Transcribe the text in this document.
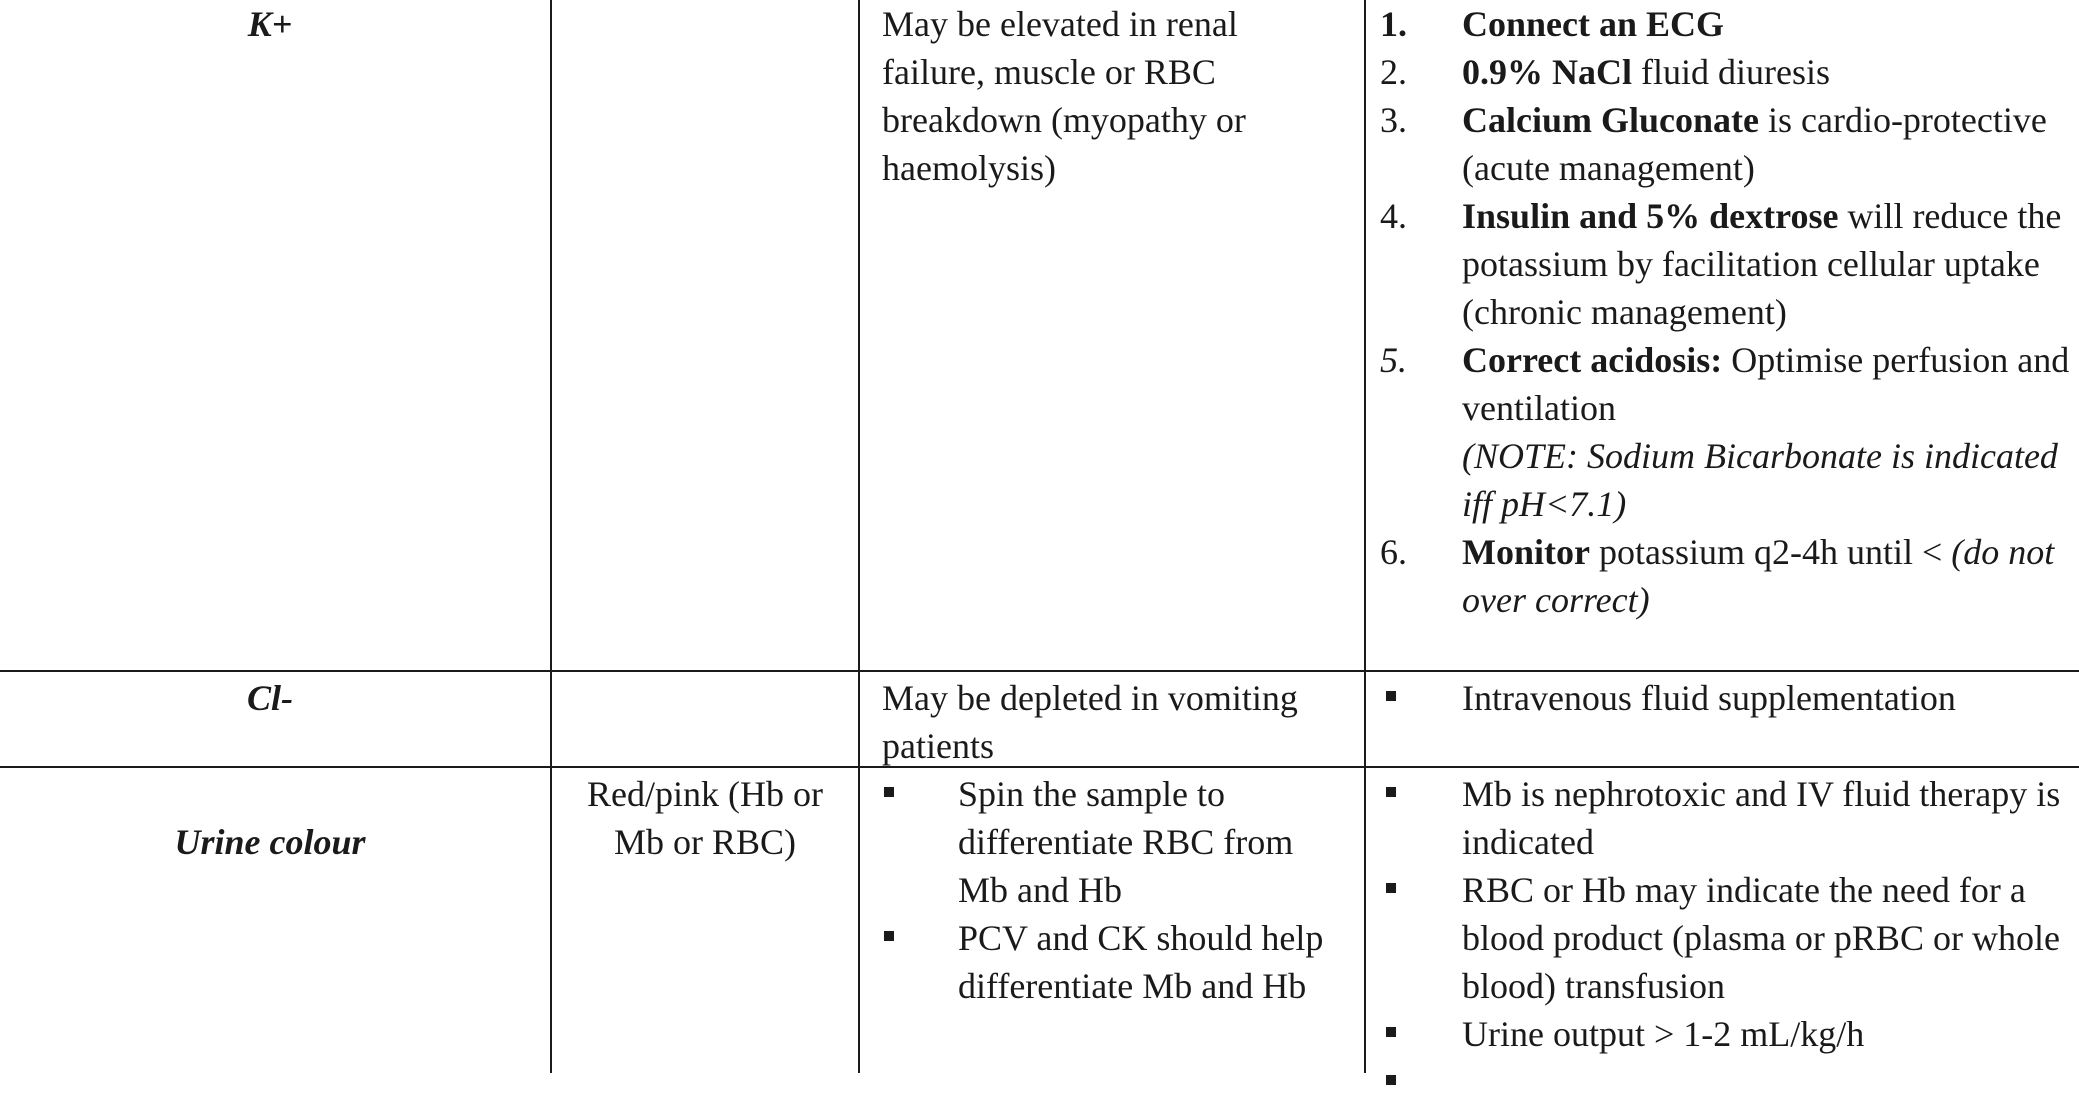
K+	May be elevated in renal failure, muscle or RBC breakdown (myopathy or haemolysis)
1. Connect an ECG
2. 0.9% NaCl fluid diuresis
3. Calcium Gluconate is cardio-protective (acute management)
4. Insulin and 5% dextrose will reduce the potassium by facilitation cellular uptake (chronic management)
5. Correct acidosis: Optimise perfusion and ventilation
(NOTE: Sodium Bicarbonate is indicated iff pH<7.1)
6. Monitor potassium q2-4h until < (do not over correct)
Cl-	May be depleted in vomiting patients
Intravenous fluid supplementation
Urine colour
Red/pink (Hb or Mb or RBC)
Spin the sample to differentiate RBC from Mb and Hb
PCV and CK should help differentiate Mb and Hb
Mb is nephrotoxic and IV fluid therapy is indicated
RBC or Hb may indicate the need for a blood product (plasma or pRBC or whole blood) transfusion
Urine output > 1-2 mL/kg/h
